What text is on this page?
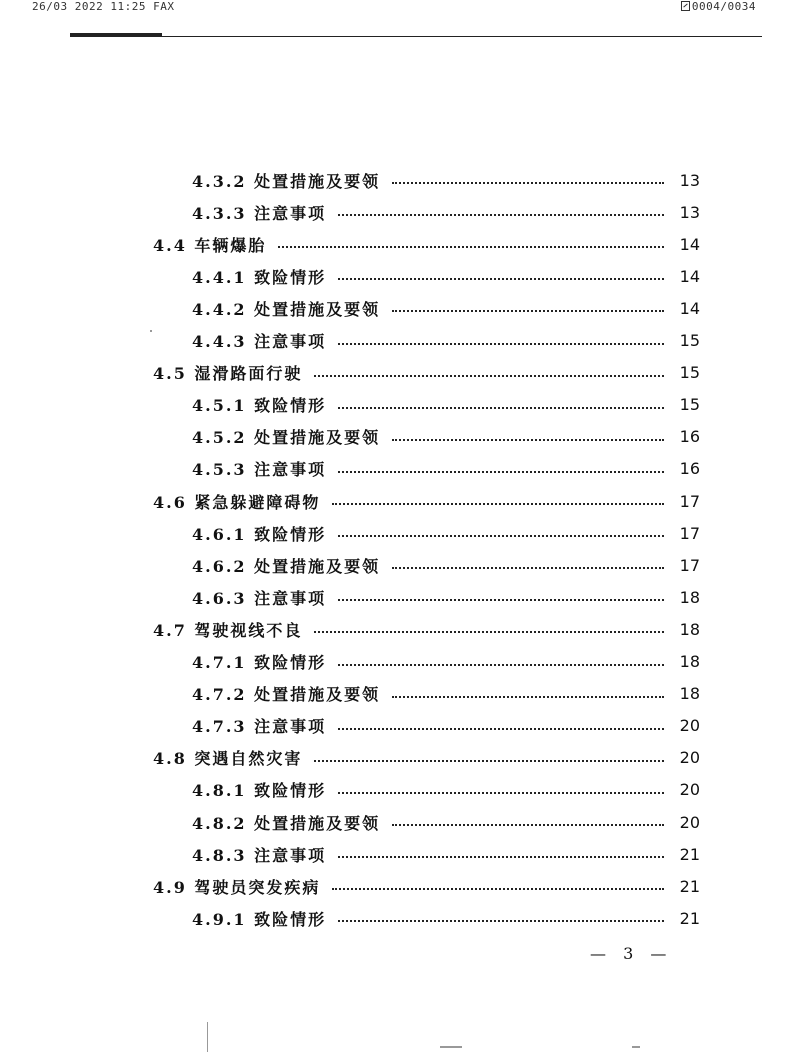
26/03 2022 11:25 FAX	0004/0034
4.3.2 处置措施及要领	13
4.3.3 注意事项	13
4.4 车辆爆胎	14
4.4.1 致险情形	14
4.4.2 处置措施及要领	14
4.4.3 注意事项	15
4.5 湿滑路面行驶	15
4.5.1 致险情形	15
4.5.2 处置措施及要领	16
4.5.3 注意事项	16
4.6 紧急躲避障碍物	17
4.6.1 致险情形	17
4.6.2 处置措施及要领	17
4.6.3 注意事项	18
4.7 驾驶视线不良	18
4.7.1 致险情形	18
4.7.2 处置措施及要领	18
4.7.3 注意事项	20
4.8 突遇自然灾害	20
4.8.1 致险情形	20
4.8.2 处置措施及要领	20
4.8.3 注意事项	21
4.9 驾驶员突发疾病	21
4.9.1 致险情形	21
— 3 —
